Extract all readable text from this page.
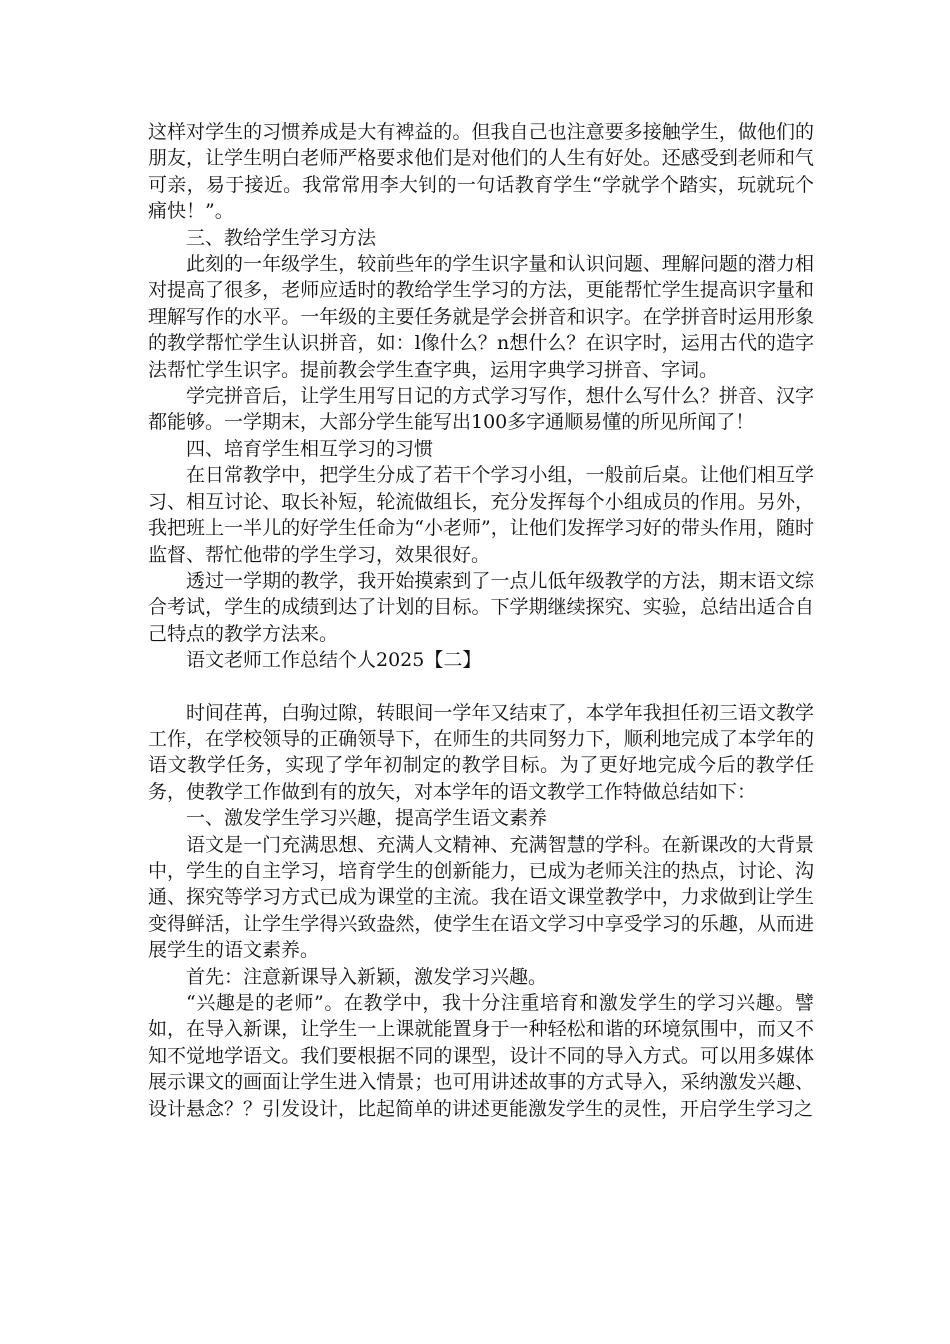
这样对学生的习惯养成是大有裨益的。但我自己也注意要多接触学生，做他们的朋友，让学生明白老师严格要求他们是对他们的人生有好处。还感受到老师和气可亲，易于接近。我常常用李大钊的一句话教育学生“学就学个踏实，玩就玩个痛快！”。

三、教给学生学习方法

此刻的一年级学生，较前些年的学生识字量和认识问题、理解问题的潜力相对提高了很多，老师应适时的教给学生学习的方法，更能帮忙学生提高识字量和理解写作的水平。一年级的主要任务就是学会拼音和识字。在学拼音时运用形象的教学帮忙学生认识拼音，如：l像什么？n想什么？在识字时，运用古代的造字法帮忙学生识字。提前教会学生查字典，运用字典学习拼音、字词。

学完拼音后，让学生用写日记的方式学习写作，想什么写什么？拼音、汉字都能够。一学期末，大部分学生能写出100多字通顺易懂的所见所闻了！

四、培育学生相互学习的习惯

在日常教学中，把学生分成了若干个学习小组，一般前后桌。让他们相互学习、相互讨论、取长补短，轮流做组长，充分发挥每个小组成员的作用。另外，我把班上一半儿的好学生任命为“小老师”，让他们发挥学习好的带头作用，随时监督、帮忙他带的学生学习，效果很好。

透过一学期的教学，我开始摸索到了一点儿低年级教学的方法，期末语文综合考试，学生的成绩到达了计划的目标。下学期继续探究、实验，总结出适合自己特点的教学方法来。

语文老师工作总结个人2025【二】

时间荏苒，白驹过隙，转眼间一学年又结束了，本学年我担任初三语文教学工作，在学校领导的正确领导下，在师生的共同努力下，顺利地完成了本学年的语文教学任务，实现了学年初制定的教学目标。为了更好地完成今后的教学任务，使教学工作做到有的放矢，对本学年的语文教学工作特做总结如下：

一、激发学生学习兴趣，提高学生语文素养

语文是一门充满思想、充满人文精神、充满智慧的学科。在新课改的大背景中，学生的自主学习，培育学生的创新能力，已成为老师关注的热点，讨论、沟通、探究等学习方式已成为课堂的主流。我在语文课堂教学中，力求做到让学生变得鲜活，让学生学得兴致盎然，使学生在语文学习中享受学习的乐趣，从而进展学生的语文素养。

首先：注意新课导入新颖，激发学习兴趣。

“兴趣是的老师”。在教学中，我十分注重培育和激发学生的学习兴趣。譬如，在导入新课，让学生一上课就能置身于一种轻松和谐的环境氛围中，而又不知不觉地学语文。我们要根据不同的课型，设计不同的导入方式。可以用多媒体展示课文的画面让学生进入情景；也可用讲述故事的方式导入，采纳激发兴趣、设计悬念？？引发设计，比起简单的讲述更能激发学生的灵性，开启学生学习之
